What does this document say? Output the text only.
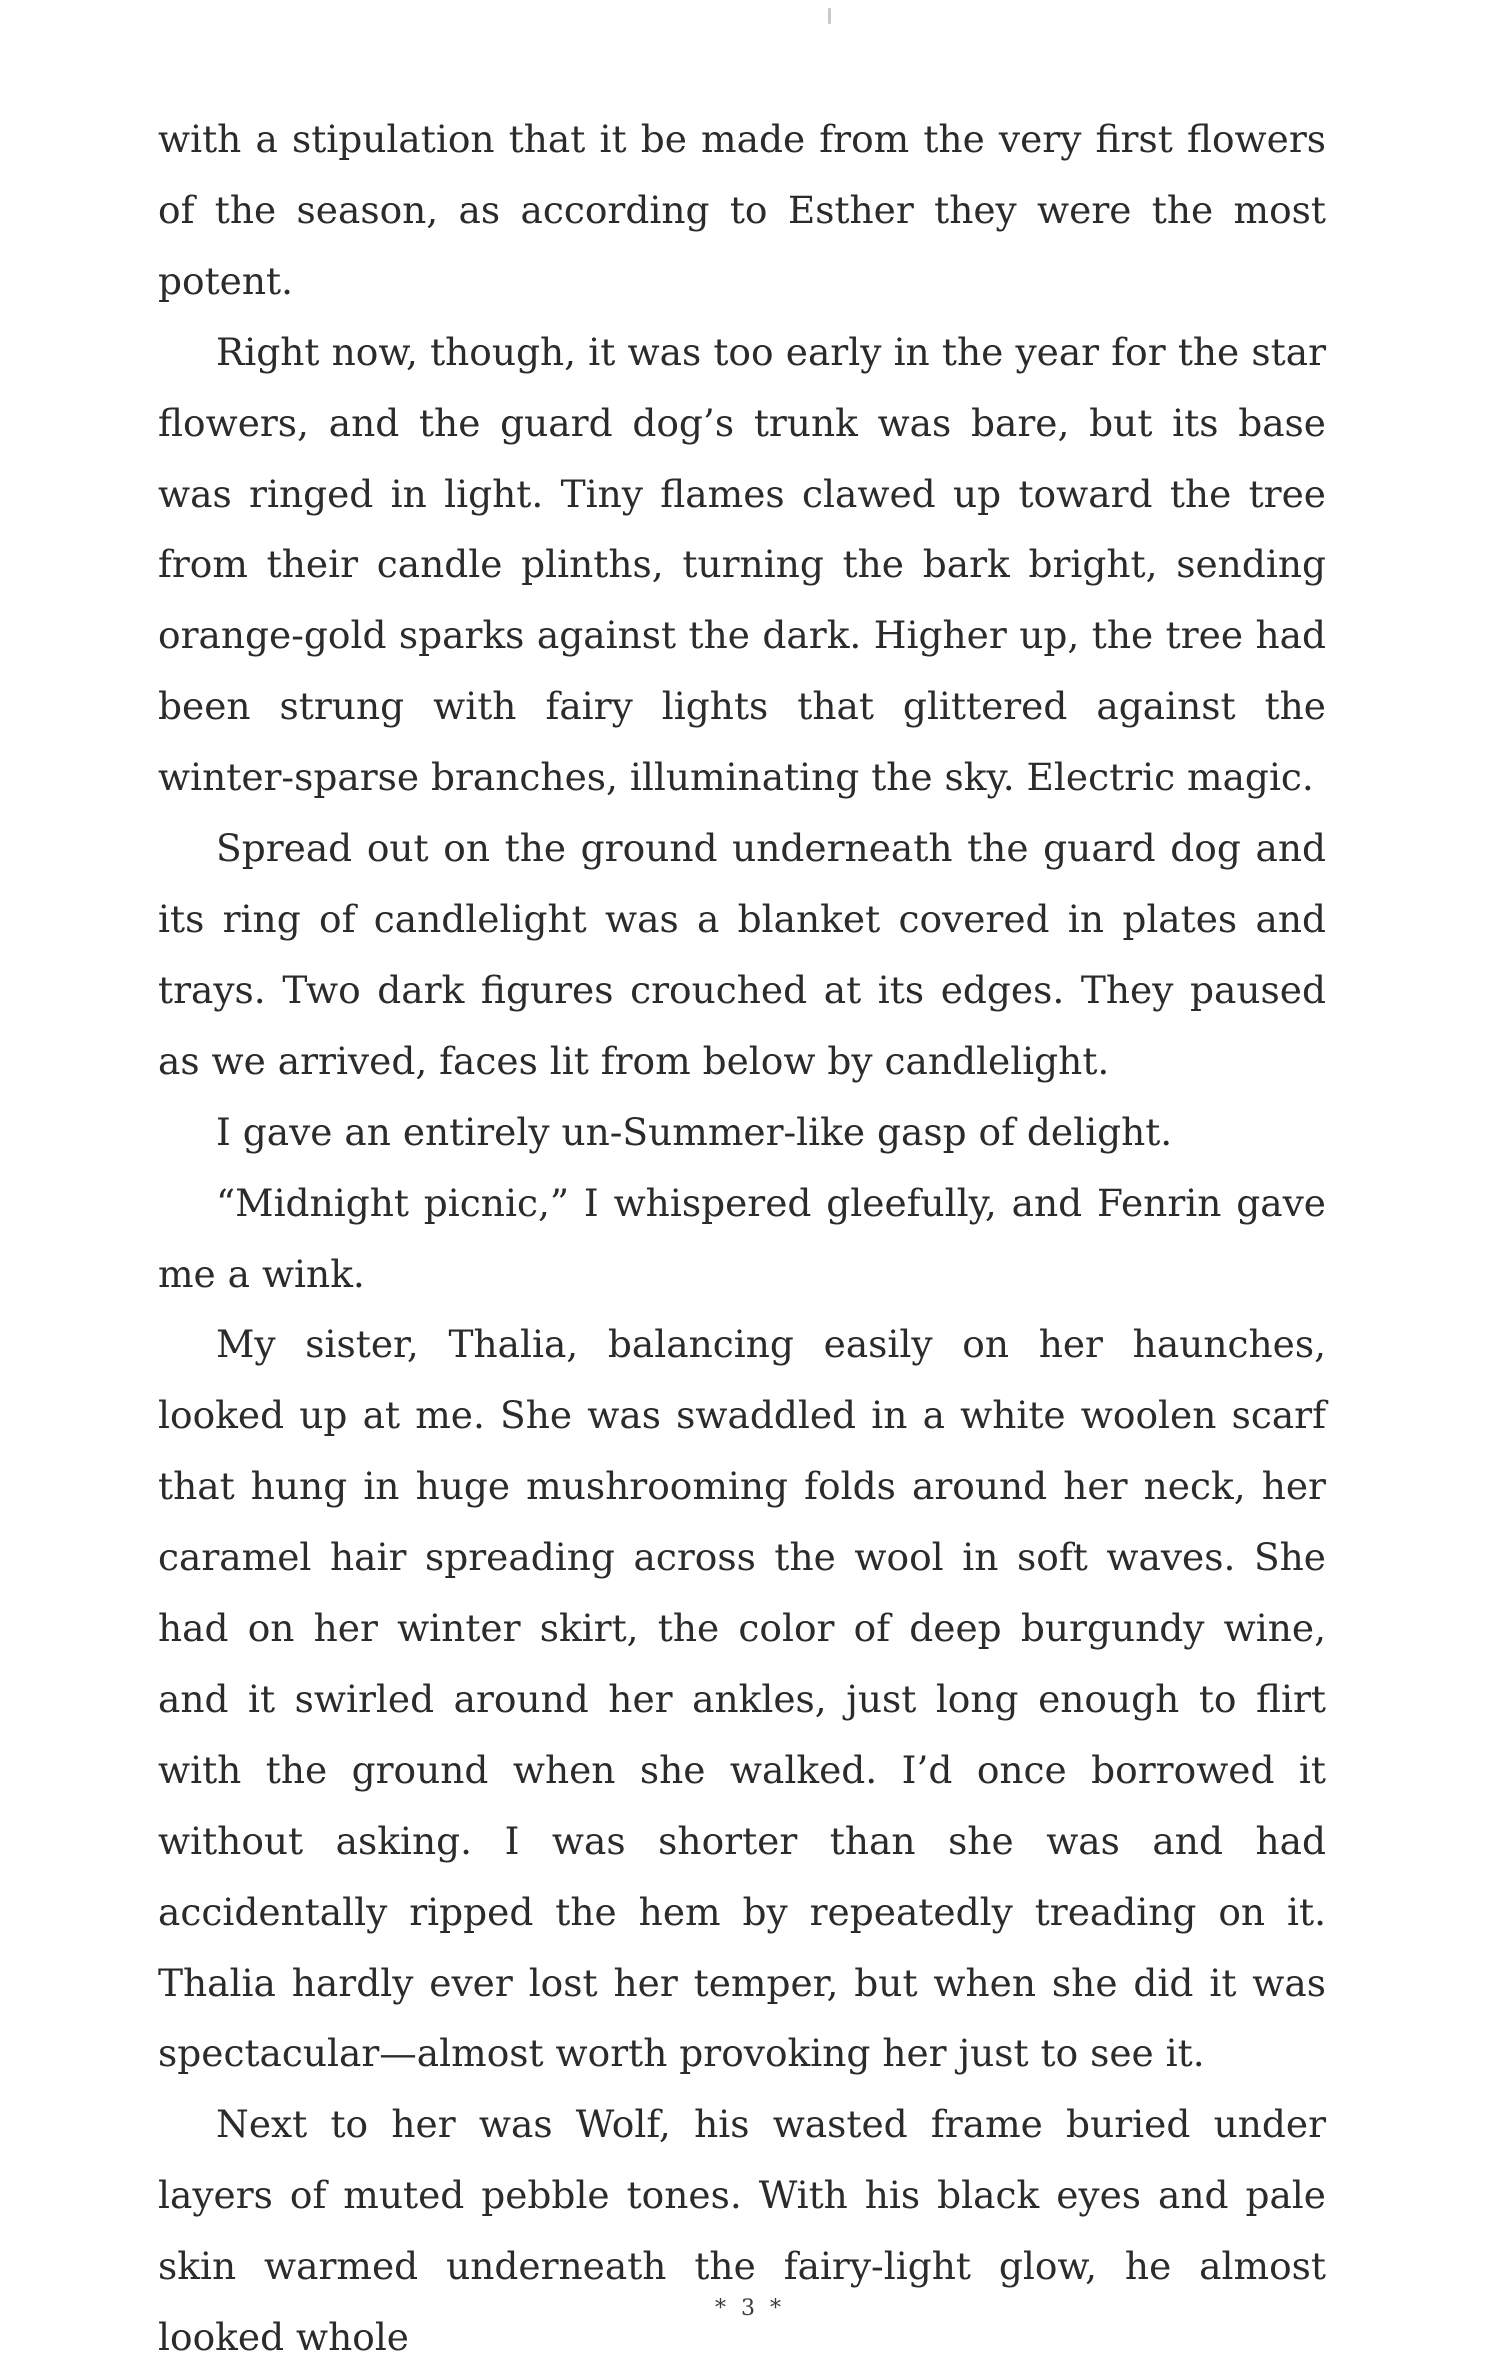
with a stipulation that it be made from the very first flowers of the season, as according to Esther they were the most potent.

Right now, though, it was too early in the year for the star flowers, and the guard dog’s trunk was bare, but its base was ringed in light. Tiny flames clawed up toward the tree from their candle plinths, turning the bark bright, sending orange-gold sparks against the dark. Higher up, the tree had been strung with fairy lights that glittered against the winter-sparse branches, illuminating the sky. Electric magic.

Spread out on the ground underneath the guard dog and its ring of candlelight was a blanket covered in plates and trays. Two dark figures crouched at its edges. They paused as we arrived, faces lit from below by candlelight.

I gave an entirely un-Summer-like gasp of delight.

“Midnight picnic,” I whispered gleefully, and Fenrin gave me a wink.

My sister, Thalia, balancing easily on her haunches, looked up at me. She was swaddled in a white woolen scarf that hung in huge mushrooming folds around her neck, her caramel hair spreading across the wool in soft waves. She had on her winter skirt, the color of deep burgundy wine, and it swirled around her ankles, just long enough to flirt with the ground when she walked. I’d once borrowed it without asking. I was shorter than she was and had accidentally ripped the hem by repeatedly treading on it. Thalia hardly ever lost her temper, but when she did it was spectacular—almost worth provoking her just to see it.

Next to her was Wolf, his wasted frame buried under layers of muted pebble tones. With his black eyes and pale skin warmed underneath the fairy-light glow, he almost looked whole

* 3 *
